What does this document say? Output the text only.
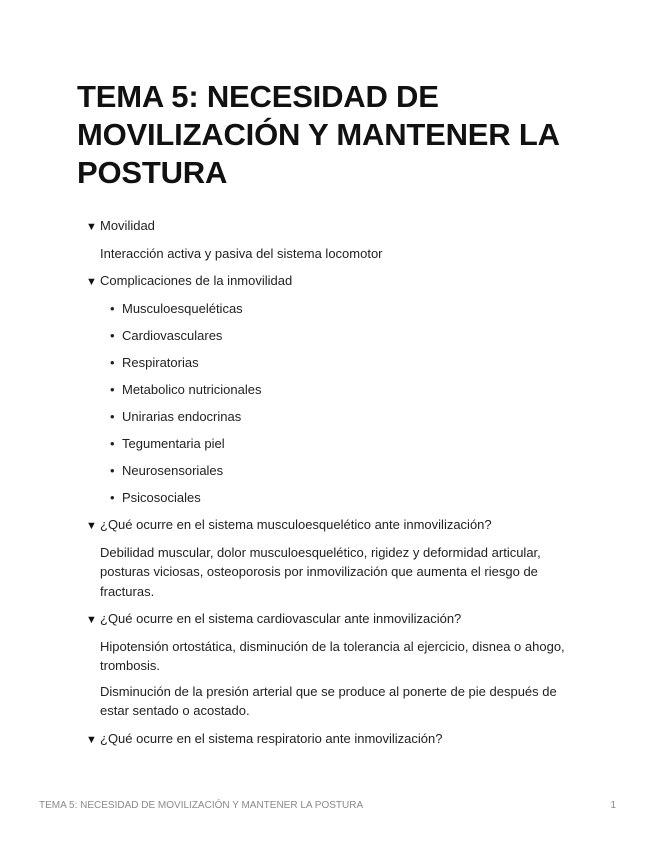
TEMA 5: NECESIDAD DE MOVILIZACIÓN Y MANTENER LA POSTURA
▼ Movilidad

Interacción activa y pasiva del sistema locomotor

▼ Complicaciones de la inmovilidad
• Musculoesqueléticas
• Cardiovasculares
• Respiratorias
• Metabolico nutricionales
• Unirarias endocrinas
• Tegumentaria piel
• Neurosensoriales
• Psicosociales
▼ ¿Qué ocurre en el sistema musculoesquelético ante inmovilización?

Debilidad muscular, dolor musculoesquelético, rigidez y deformidad articular, posturas viciosas, osteoporosis por inmovilización que aumenta el riesgo de fracturas.

▼ ¿Qué ocurre en el sistema cardiovascular ante inmovilización?

Hipotensión ortostática, disminución de la tolerancia al ejercicio, disnea o ahogo, trombosis.

Disminución de la presión arterial que se produce al ponerte de pie después de estar sentado o acostado.

▼ ¿Qué ocurre en el sistema respiratorio ante inmovilización?
TEMA 5: NECESIDAD DE MOVILIZACIÓN Y MANTENER LA POSTURA	1
